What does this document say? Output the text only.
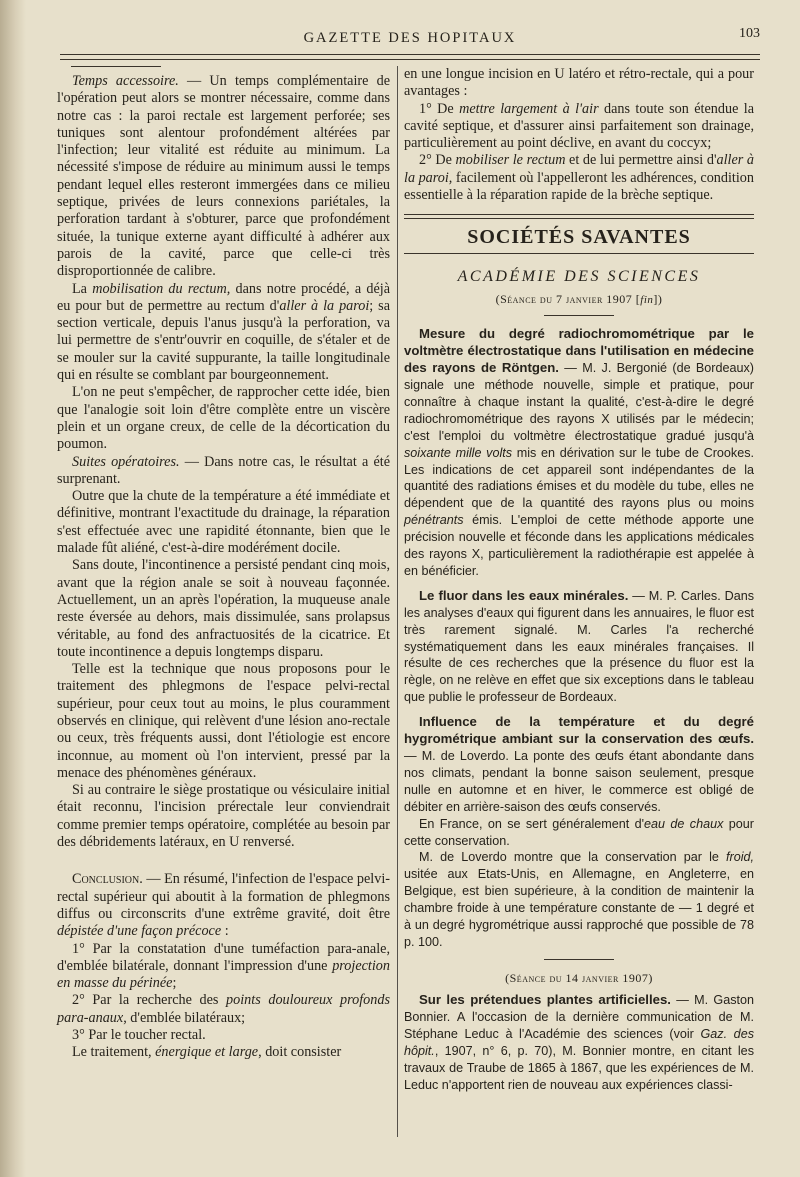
GAZETTE DES HOPITAUX	103

Temps accessoire. — Un temps complémentaire de l'opération peut alors se montrer nécessaire, comme dans notre cas : la paroi rectale est largement perforée; ses tuniques sont alentour profondément altérées par l'infection; leur vitalité est réduite au minimum. La nécessité s'impose de réduire au minimum aussi le temps pendant lequel elles resteront immergées dans ce milieu septique, privées de leurs connexions pariétales, la perforation tardant à s'obturer, parce que profondément située, la tunique externe ayant difficulté à adhérer aux parois de la cavité, parce que celle-ci très disproportionnée de calibre.

La mobilisation du rectum, dans notre procédé, a déjà eu pour but de permettre au rectum d'aller à la paroi; sa section verticale, depuis l'anus jusqu'à la perforation, va lui permettre de s'entr'ouvrir en coquille, de s'étaler et de se mouler sur la cavité suppurante, la taille longitudinale qui en résulte se comblant par bourgeonnement.

L'on ne peut s'empêcher, de rapprocher cette idée, bien que l'analogie soit loin d'être complète entre un viscère plein et un organe creux, de celle de la décortication du poumon.

Suites opératoires. — Dans notre cas, le résultat a été surprenant.

Outre que la chute de la température a été immédiate et définitive, montrant l'exactitude du drainage, la réparation s'est effectuée avec une rapidité étonnante, bien que le malade fût aliéné, c'est-à-dire modérément docile.

Sans doute, l'incontinence a persisté pendant cinq mois, avant que la région anale se soit à nouveau façonnée. Actuellement, un an après l'opération, la muqueuse anale reste éversée au dehors, mais dissimulée, sans prolapsus véritable, au fond des anfractuosités de la cicatrice. Et toute incontinence a depuis longtemps disparu.

Telle est la technique que nous proposons pour le traitement des phlegmons de l'espace pelvi-rectal supérieur, pour ceux tout au moins, le plus couramment observés en clinique, qui relèvent d'une lésion ano-rectale ou ceux, très fréquents aussi, dont l'étiologie est encore inconnue, au moment où l'on intervient, pressé par la menace des phénomènes généraux.

Si au contraire le siège prostatique ou vésiculaire initial était reconnu, l'incision prérectale leur conviendrait comme premier temps opératoire, complétée au besoin par des débridements latéraux, en U renversé.

Conclusion. — En résumé, l'infection de l'espace pelvi-rectal supérieur qui aboutit à la formation de phlegmons diffus ou circonscrits d'une extrême gravité, doit être dépistée d'une façon précoce :

1° Par la constatation d'une tuméfaction para-anale, d'emblée bilatérale, donnant l'impression d'une projection en masse du périnée;

2° Par la recherche des points douloureux profonds para-anaux, d'emblée bilatéraux;

3° Par le toucher rectal.

Le traitement, énergique et large, doit consister

en une longue incision en U latéro et rétro-rectale, qui a pour avantages :

1° De mettre largement à l'air dans toute son étendue la cavité septique, et d'assurer ainsi parfaitement son drainage, particulièrement au point déclive, en avant du coccyx;

2° De mobiliser le rectum et de lui permettre ainsi d'aller à la paroi, facilement où l'appelleront les adhérences, condition essentielle à la réparation rapide de la brèche septique.

SOCIÉTÉS SAVANTES
ACADÉMIE DES SCIENCES
(Séance du 7 janvier 1907 [fin])

Mesure du degré radiochromométrique par le voltmètre électrostatique dans l'utilisation en médecine des rayons de Röntgen. — M. J. Bergonié (de Bordeaux) signale une méthode nouvelle, simple et pratique, pour connaître à chaque instant la qualité, c'est-à-dire le degré radiochromométrique des rayons X utilisés par le médecin; c'est l'emploi du voltmètre électrostatique gradué jusqu'à soixante mille volts mis en dérivation sur le tube de Crookes. Les indications de cet appareil sont indépendantes de la quantité des radiations émises et du modèle du tube, elles ne dépendent que de la quantité des rayons plus ou moins pénétrants émis. L'emploi de cette méthode apporte une précision nouvelle et féconde dans les applications médicales des rayons X, particulièrement la radiothérapie est appelée à en bénéficier.

Le fluor dans les eaux minérales. — M. P. Carles. Dans les analyses d'eaux qui figurent dans les annuaires, le fluor est très rarement signalé. M. Carles l'a recherché systématiquement dans les eaux minérales françaises. Il résulte de ces recherches que la présence du fluor est la règle, on ne relève en effet que six exceptions dans le tableau que publie le professeur de Bordeaux.

Influence de la température et du degré hygrométrique ambiant sur la conservation des œufs. — M. de Loverdo. La ponte des œufs étant abondante dans nos climats, pendant la bonne saison seulement, presque nulle en automne et en hiver, le commerce est obligé de débiter en arrière-saison des œufs conservés.

En France, on se sert généralement d'eau de chaux pour cette conservation.

M. de Loverdo montre que la conservation par le froid, usitée aux Etats-Unis, en Allemagne, en Angleterre, en Belgique, est bien supérieure, à la condition de maintenir la chambre froide à une température constante de — 1 degré et à un degré hygrométrique aussi rapproché que possible de 78 p. 100.

(Séance du 14 janvier 1907)

Sur les prétendues plantes artificielles. — M. Gaston Bonnier. A l'occasion de la dernière communication de M. Stéphane Leduc à l'Académie des sciences (voir Gaz. des hôpit., 1907, n° 6, p. 70), M. Bonnier montre, en citant les travaux de Traube de 1865 à 1867, que les expériences de M. Leduc n'apportent rien de nouveau aux expériences classi-
